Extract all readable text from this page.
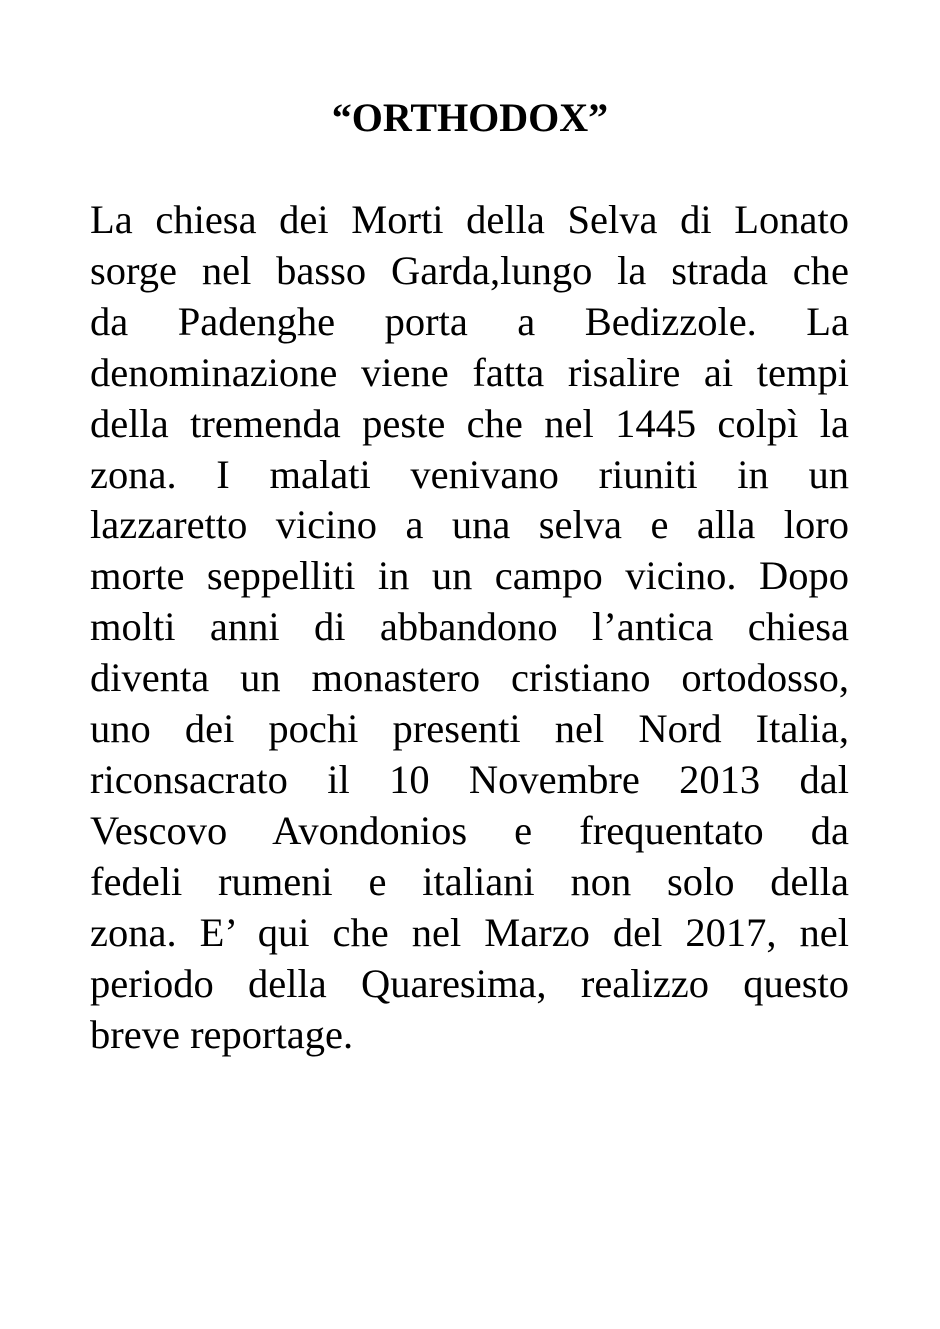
“ORTHODOX”
La chiesa dei Morti della Selva di Lonato
sorge nel basso Garda,lungo la strada che
da Padenghe porta a Bedizzole. La
denominazione viene fatta risalire ai tempi
della tremenda peste che nel 1445 colpì la
zona. I malati venivano riuniti in un
lazzaretto vicino a una selva e alla loro
morte seppelliti in un campo vicino. Dopo
molti anni di abbandono l’antica chiesa
diventa un monastero cristiano ortodosso,
uno dei pochi presenti nel Nord Italia,
riconsacrato il 10 Novembre 2013 dal
Vescovo Avondonios e frequentato da
fedeli rumeni e italiani non solo della
zona. E’ qui che nel Marzo del 2017, nel
periodo della Quaresima, realizzo questo
breve reportage.
